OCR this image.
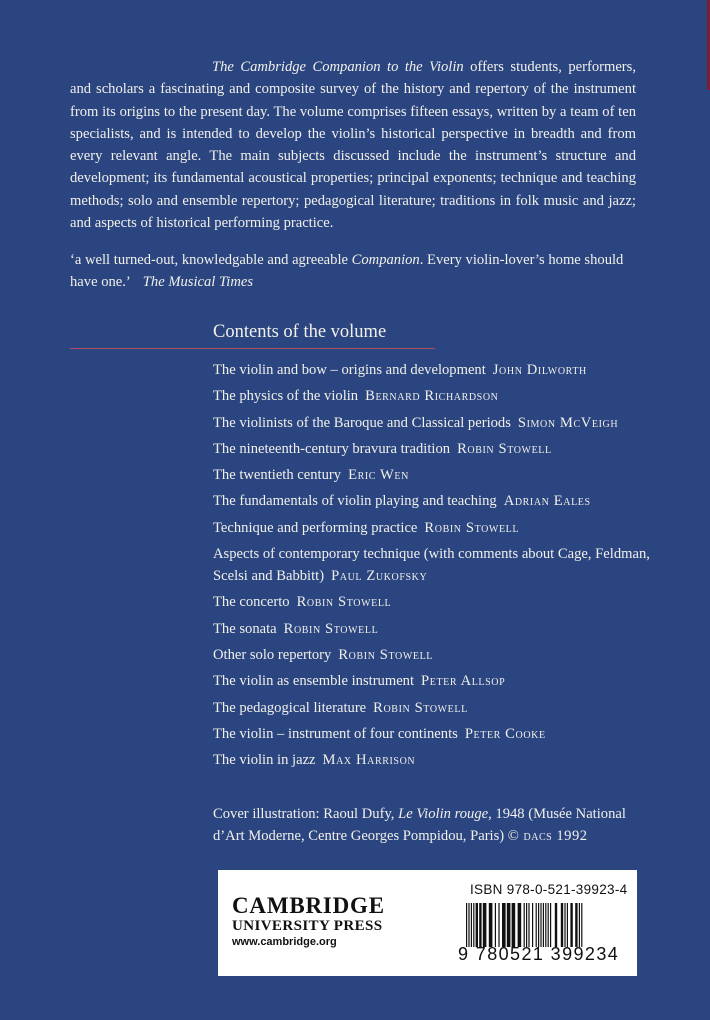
The Cambridge Companion to the Violin offers students, performers, and scholars a fascinating and composite survey of the history and repertory of the instrument from its origins to the present day. The volume comprises fifteen essays, written by a team of ten specialists, and is intended to develop the violin’s historical perspective in breadth and from every relevant angle. The main subjects discussed include the instrument’s structure and development; its fundamental acoustical properties; principal exponents; technique and teaching methods; solo and ensemble repertory; pedagogical literature; traditions in folk music and jazz; and aspects of historical performing practice.

‘a well turned-out, knowledgable and agreeable Companion. Every violin-lover’s home should have one.’ The Musical Times

Contents of the volume
The violin and bow – origins and development John Dilworth
The physics of the violin Bernard Richardson
The violinists of the Baroque and Classical periods Simon McVeigh
The nineteenth-century bravura tradition Robin Stowell
The twentieth century Eric Wen
The fundamentals of violin playing and teaching Adrian Eales
Technique and performing practice Robin Stowell
Aspects of contemporary technique (with comments about Cage, Feldman, Scelsi and Babbitt) Paul Zukofsky
The concerto Robin Stowell
The sonata Robin Stowell
Other solo repertory Robin Stowell
The violin as ensemble instrument Peter Allsop
The pedagogical literature Robin Stowell
The violin – instrument of four continents Peter Cooke
The violin in jazz Max Harrison

Cover illustration: Raoul Dufy, Le Violin rouge, 1948 (Musée National d’Art Moderne, Centre Georges Pompidou, Paris) © dacs 1992

CAMBRIDGE
UNIVERSITY PRESS
www.cambridge.org
ISBN 978-0-521-39923-4
9 780521 399234
